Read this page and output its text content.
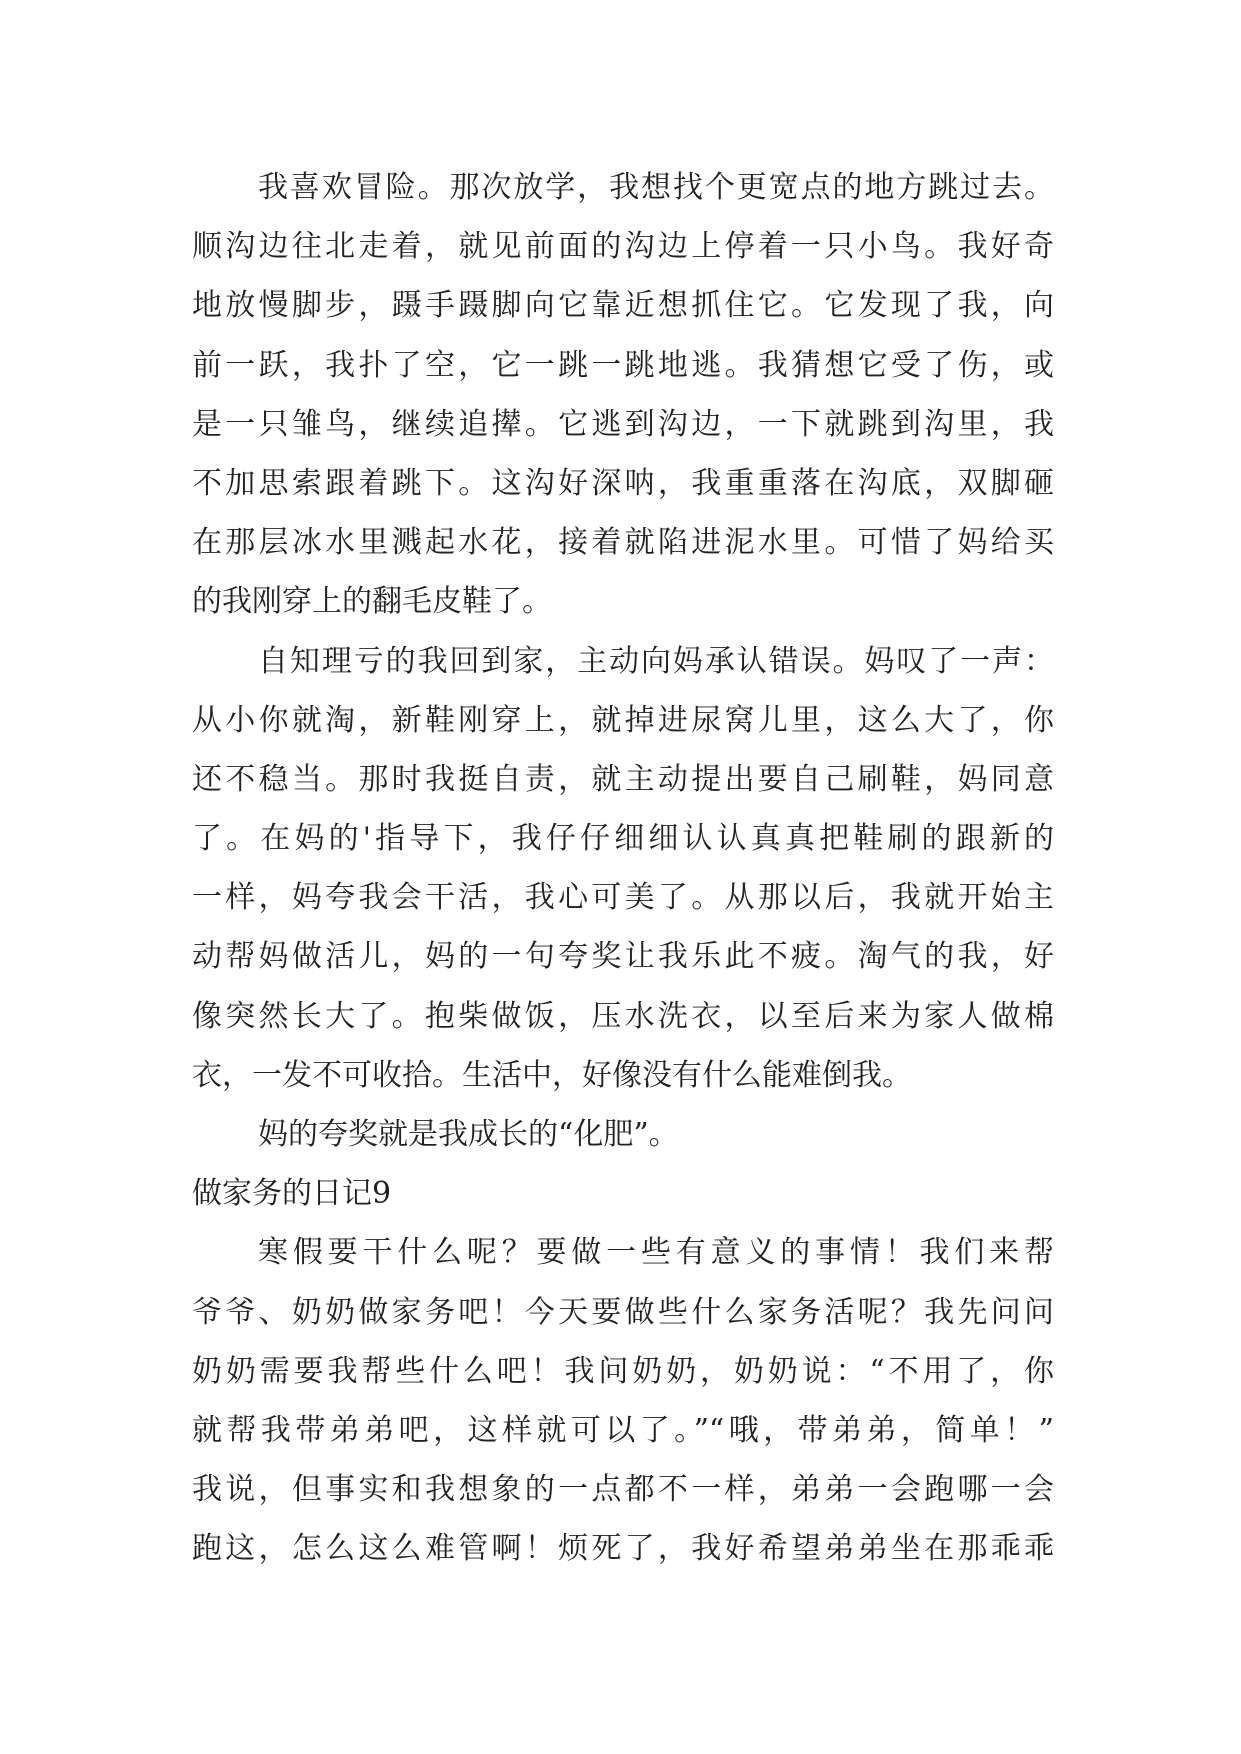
我喜欢冒险。那次放学，我想找个更宽点的地方跳过去。
顺沟边往北走着，就见前面的沟边上停着一只小鸟。我好奇
地放慢脚步，蹑手蹑脚向它靠近想抓住它。它发现了我，向
前一跃，我扑了空，它一跳一跳地逃。我猜想它受了伤，或
是一只雏鸟，继续追撵。它逃到沟边，一下就跳到沟里，我
不加思索跟着跳下。这沟好深呐，我重重落在沟底，双脚砸
在那层冰水里溅起水花，接着就陷进泥水里。可惜了妈给买
的我刚穿上的翻毛皮鞋了。
自知理亏的我回到家，主动向妈承认错误。妈叹了一声：
从小你就淘，新鞋刚穿上，就掉进尿窝儿里，这么大了，你
还不稳当。那时我挺自责，就主动提出要自己刷鞋，妈同意
了。在妈的'指导下，我仔仔细细认认真真把鞋刷的跟新的
一样，妈夸我会干活，我心可美了。从那以后，我就开始主
动帮妈做活儿，妈的一句夸奖让我乐此不疲。淘气的我，好
像突然长大了。抱柴做饭，压水洗衣，以至后来为家人做棉
衣，一发不可收拾。生活中，好像没有什么能难倒我。
妈的夸奖就是我成长的“化肥”。
做家务的日记9
寒假要干什么呢？要做一些有意义的事情！我们来帮
爷爷、奶奶做家务吧！今天要做些什么家务活呢？我先问问
奶奶需要我帮些什么吧！我问奶奶，奶奶说：“不用了，你
就帮我带弟弟吧，这样就可以了。”“哦，带弟弟，简单！”
我说，但事实和我想象的一点都不一样，弟弟一会跑哪一会
跑这，怎么这么难管啊！烦死了，我好希望弟弟坐在那乖乖
